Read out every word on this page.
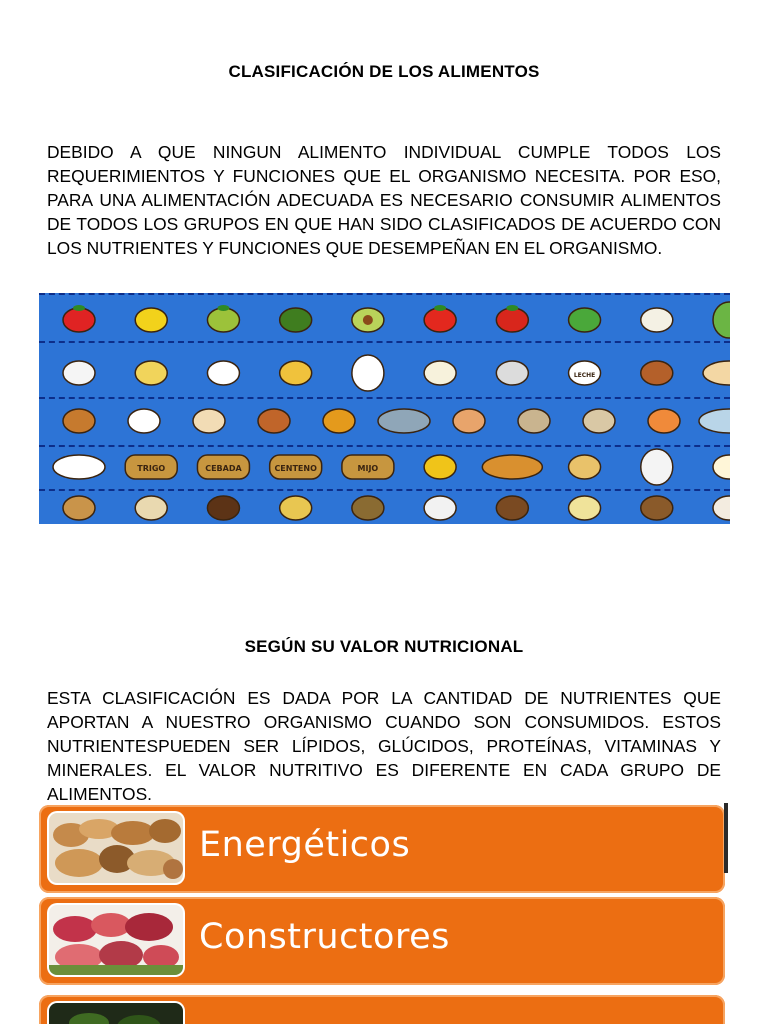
CLASIFICACIÓN DE LOS ALIMENTOS
DEBIDO A QUE NINGUN ALIMENTO INDIVIDUAL CUMPLE TODOS LOS REQUERIMIENTOS Y FUNCIONES QUE EL ORGANISMO NECESITA. POR ESO, PARA UNA ALIMENTACIÓN ADECUADA ES NECESARIO CONSUMIR ALIMENTOS DE TODOS LOS GRUPOS EN QUE HAN SIDO CLASIFICADOS DE ACUERDO CON LOS NUTRIENTES Y FUNCIONES QUE DESEMPEÑAN EN EL ORGANISMO.
LECHE
TRIGO	CEBADA	CENTENO	MIJO
SEGÚN SU VALOR NUTRICIONAL
ESTA CLASIFICACIÓN ES DADA POR LA CANTIDAD DE NUTRIENTES QUE APORTAN A NUESTRO ORGANISMO CUANDO SON CONSUMIDOS. ESTOS NUTRIENTESPUEDEN SER LÍPIDOS, GLÚCIDOS, PROTEÍNAS, VITAMINAS Y MINERALES. EL VALOR NUTRITIVO ES DIFERENTE EN CADA GRUPO DE ALIMENTOS.
Energéticos
Constructores
